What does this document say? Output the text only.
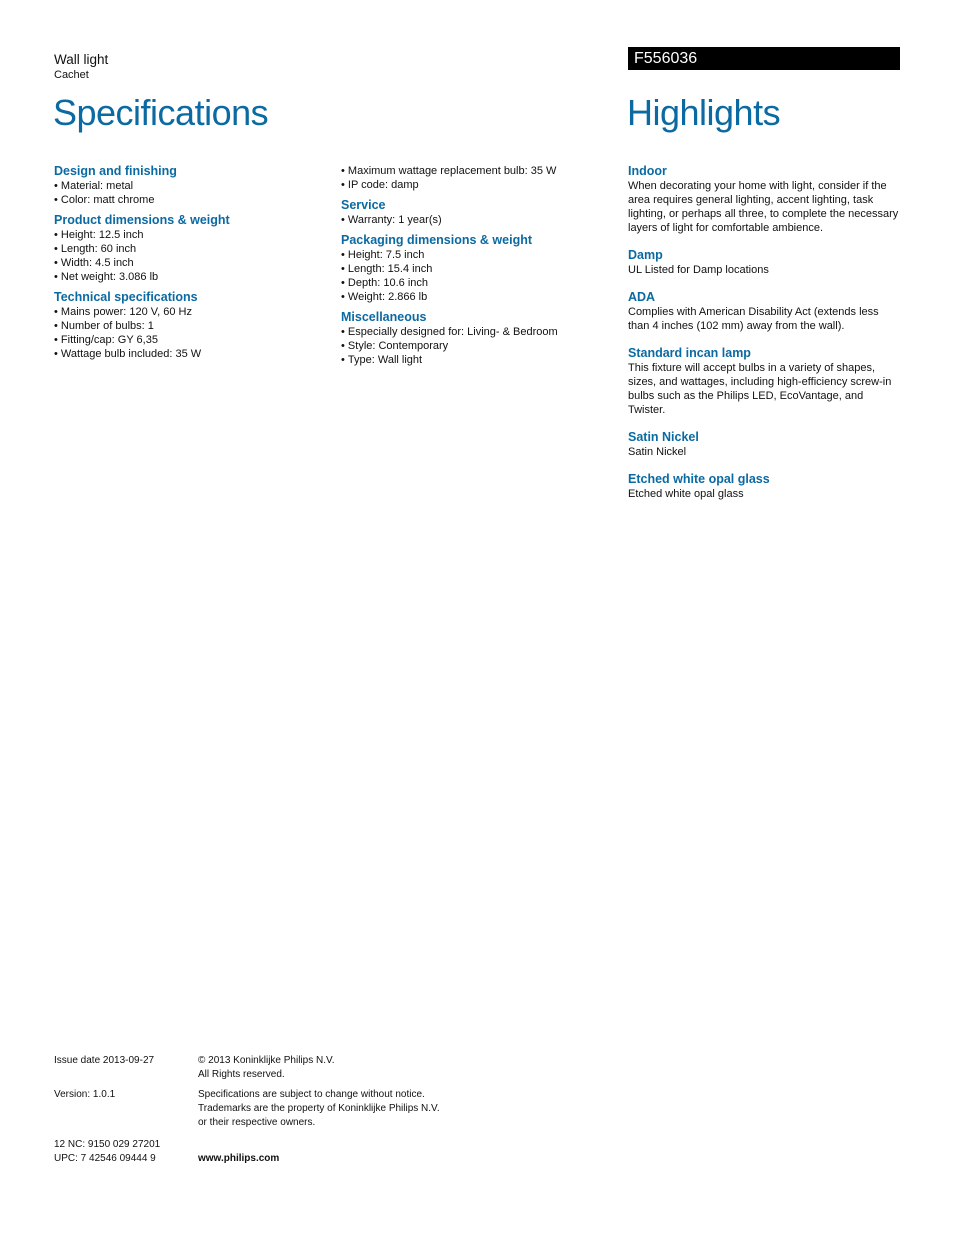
Wall light
Cachet
F556036
Specifications	Highlights
Design and finishing
• Material: metal
• Color: matt chrome
Product dimensions & weight
• Height: 12.5 inch
• Length: 60 inch
• Width: 4.5 inch
• Net weight: 3.086 lb
Technical specifications
• Mains power: 120 V, 60 Hz
• Number of bulbs: 1
• Fitting/cap: GY 6,35
• Wattage bulb included: 35 W
• Maximum wattage replacement bulb: 35 W
• IP code: damp
Service
• Warranty: 1 year(s)
Packaging dimensions & weight
• Height: 7.5 inch
• Length: 15.4 inch
• Depth: 10.6 inch
• Weight: 2.866 lb
Miscellaneous
• Especially designed for: Living- & Bedroom
• Style: Contemporary
• Type: Wall light
Indoor
When decorating your home with light, consider if the area requires general lighting, accent lighting, task lighting, or perhaps all three, to complete the necessary layers of light for comfortable ambience.
Damp
UL Listed for Damp locations
ADA
Complies with American Disability Act (extends less than 4 inches (102 mm) away from the wall).
Standard incan lamp
This fixture will accept bulbs in a variety of shapes, sizes, and wattages, including high-efficiency screw-in bulbs such as the Philips LED, EcoVantage, and Twister.
Satin Nickel
Satin Nickel
Etched white opal glass
Etched white opal glass
Issue date 2013-09-27
Version: 1.0.1
12 NC: 9150 029 27201
UPC: 7 42546 09444 9
© 2013 Koninklijke Philips N.V.
All Rights reserved.
Specifications are subject to change without notice.
Trademarks are the property of Koninklijke Philips N.V.
or their respective owners.
www.philips.com
